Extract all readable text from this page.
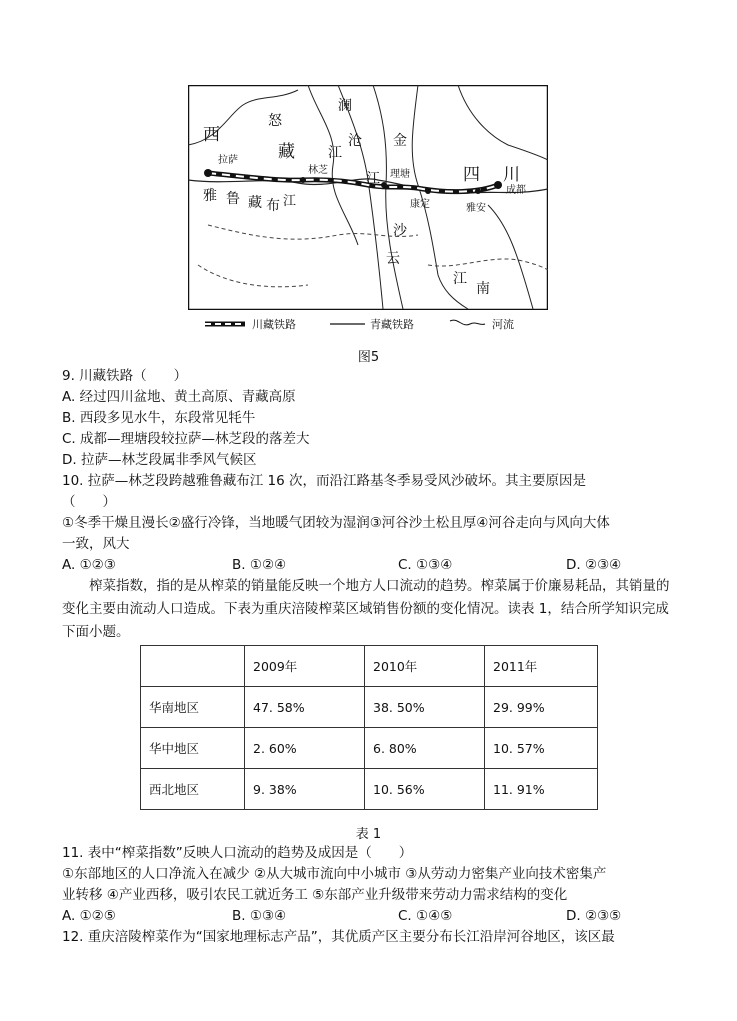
西
藏
怒
澜
沧 金
江
江
江
江
四 川
雅 鲁 藏 布
沙
云
南
拉萨
林芝	理塘
康定	雅安
成都
川藏铁路	青藏铁路	河流
图5
9. 川藏铁路（　　）
A. 经过四川盆地、黄土高原、青藏高原
B. 西段多见水牛，东段常见牦牛
C. 成都—理塘段较拉萨—林芝段的落差大
D. 拉萨—林芝段属非季风气候区
10. 拉萨—林芝段跨越雅鲁藏布江 16 次，而沿江路基冬季易受风沙破坏。其主要原因是
（　　）
①冬季干燥且漫长②盛行冷锋，当地暖气团较为湿润③河谷沙土松且厚④河谷走向与风向大体
一致，风大
A. ①②③	B. ①②④	C. ①③④	D. ②③④
榨菜指数，指的是从榨菜的销量能反映一个地方人口流动的趋势。榨菜属于价廉易耗品，其销量的变化主要由流动人口造成。下表为重庆涪陵榨菜区域销售份额的变化情况。读表 1，结合所学知识完成下面小题。
	2009年	2010年	2011年
华南地区	47. 58%	38. 50%	29. 99%
华中地区	2. 60%	6. 80%	10. 57%
西北地区	9. 38%	10. 56%	11. 91%
表 1
11. 表中“榨菜指数”反映人口流动的趋势及成因是（　　）
①东部地区的人口净流入在减少 ②从大城市流向中小城市 ③从劳动力密集产业向技术密集产
业转移 ④产业西移，吸引农民工就近务工 ⑤东部产业升级带来劳动力需求结构的变化
A. ①②⑤	B. ①③④	C. ①④⑤	D. ②③⑤
12. 重庆涪陵榨菜作为“国家地理标志产品”，其优质产区主要分布长江沿岸河谷地区，该区最
